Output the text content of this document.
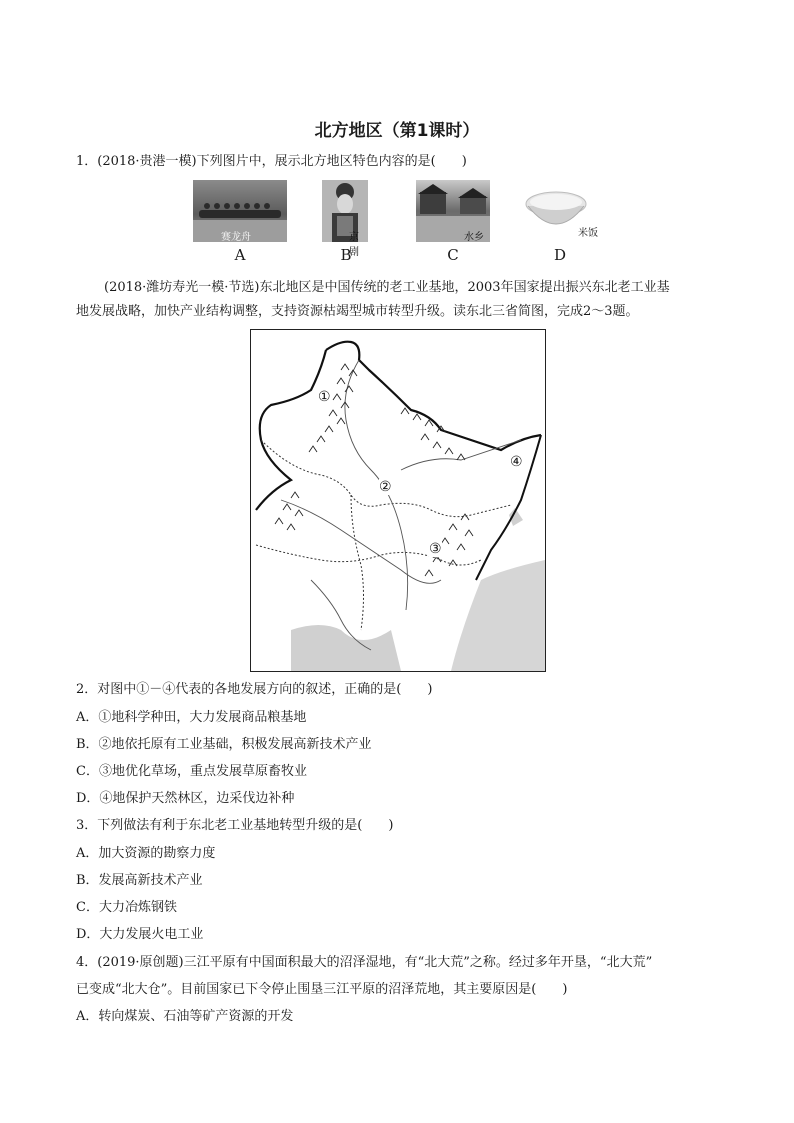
北方地区（第1课时）
1．(2018·贵港一模)下列图片中，展示北方地区特色内容的是(　　)
赛龙舟
A
京剧
B
水乡
C
米饭
D
(2018·潍坊寿光一模·节选)东北地区是中国传统的老工业基地，2003年国家提出振兴东北老工业基
地发展战略，加快产业结构调整，支持资源枯竭型城市转型升级。读东北三省简图，完成2～3题。
①
②
③
④
2．对图中①－④代表的各地发展方向的叙述，正确的是(　　)
A．①地科学种田，大力发展商品粮基地
B．②地依托原有工业基础，积极发展高新技术产业
C．③地优化草场，重点发展草原畜牧业
D．④地保护天然林区，边采伐边补种
3．下列做法有利于东北老工业基地转型升级的是(　　)
A．加大资源的勘察力度
B．发展高新技术产业
C．大力冶炼钢铁
D．大力发展火电工业
4．(2019·原创题)三江平原有中国面积最大的沼泽湿地，有“北大荒”之称。经过多年开垦，“北大荒”
已变成“北大仓”。目前国家已下令停止围垦三江平原的沼泽荒地，其主要原因是(　　)
A．转向煤炭、石油等矿产资源的开发
